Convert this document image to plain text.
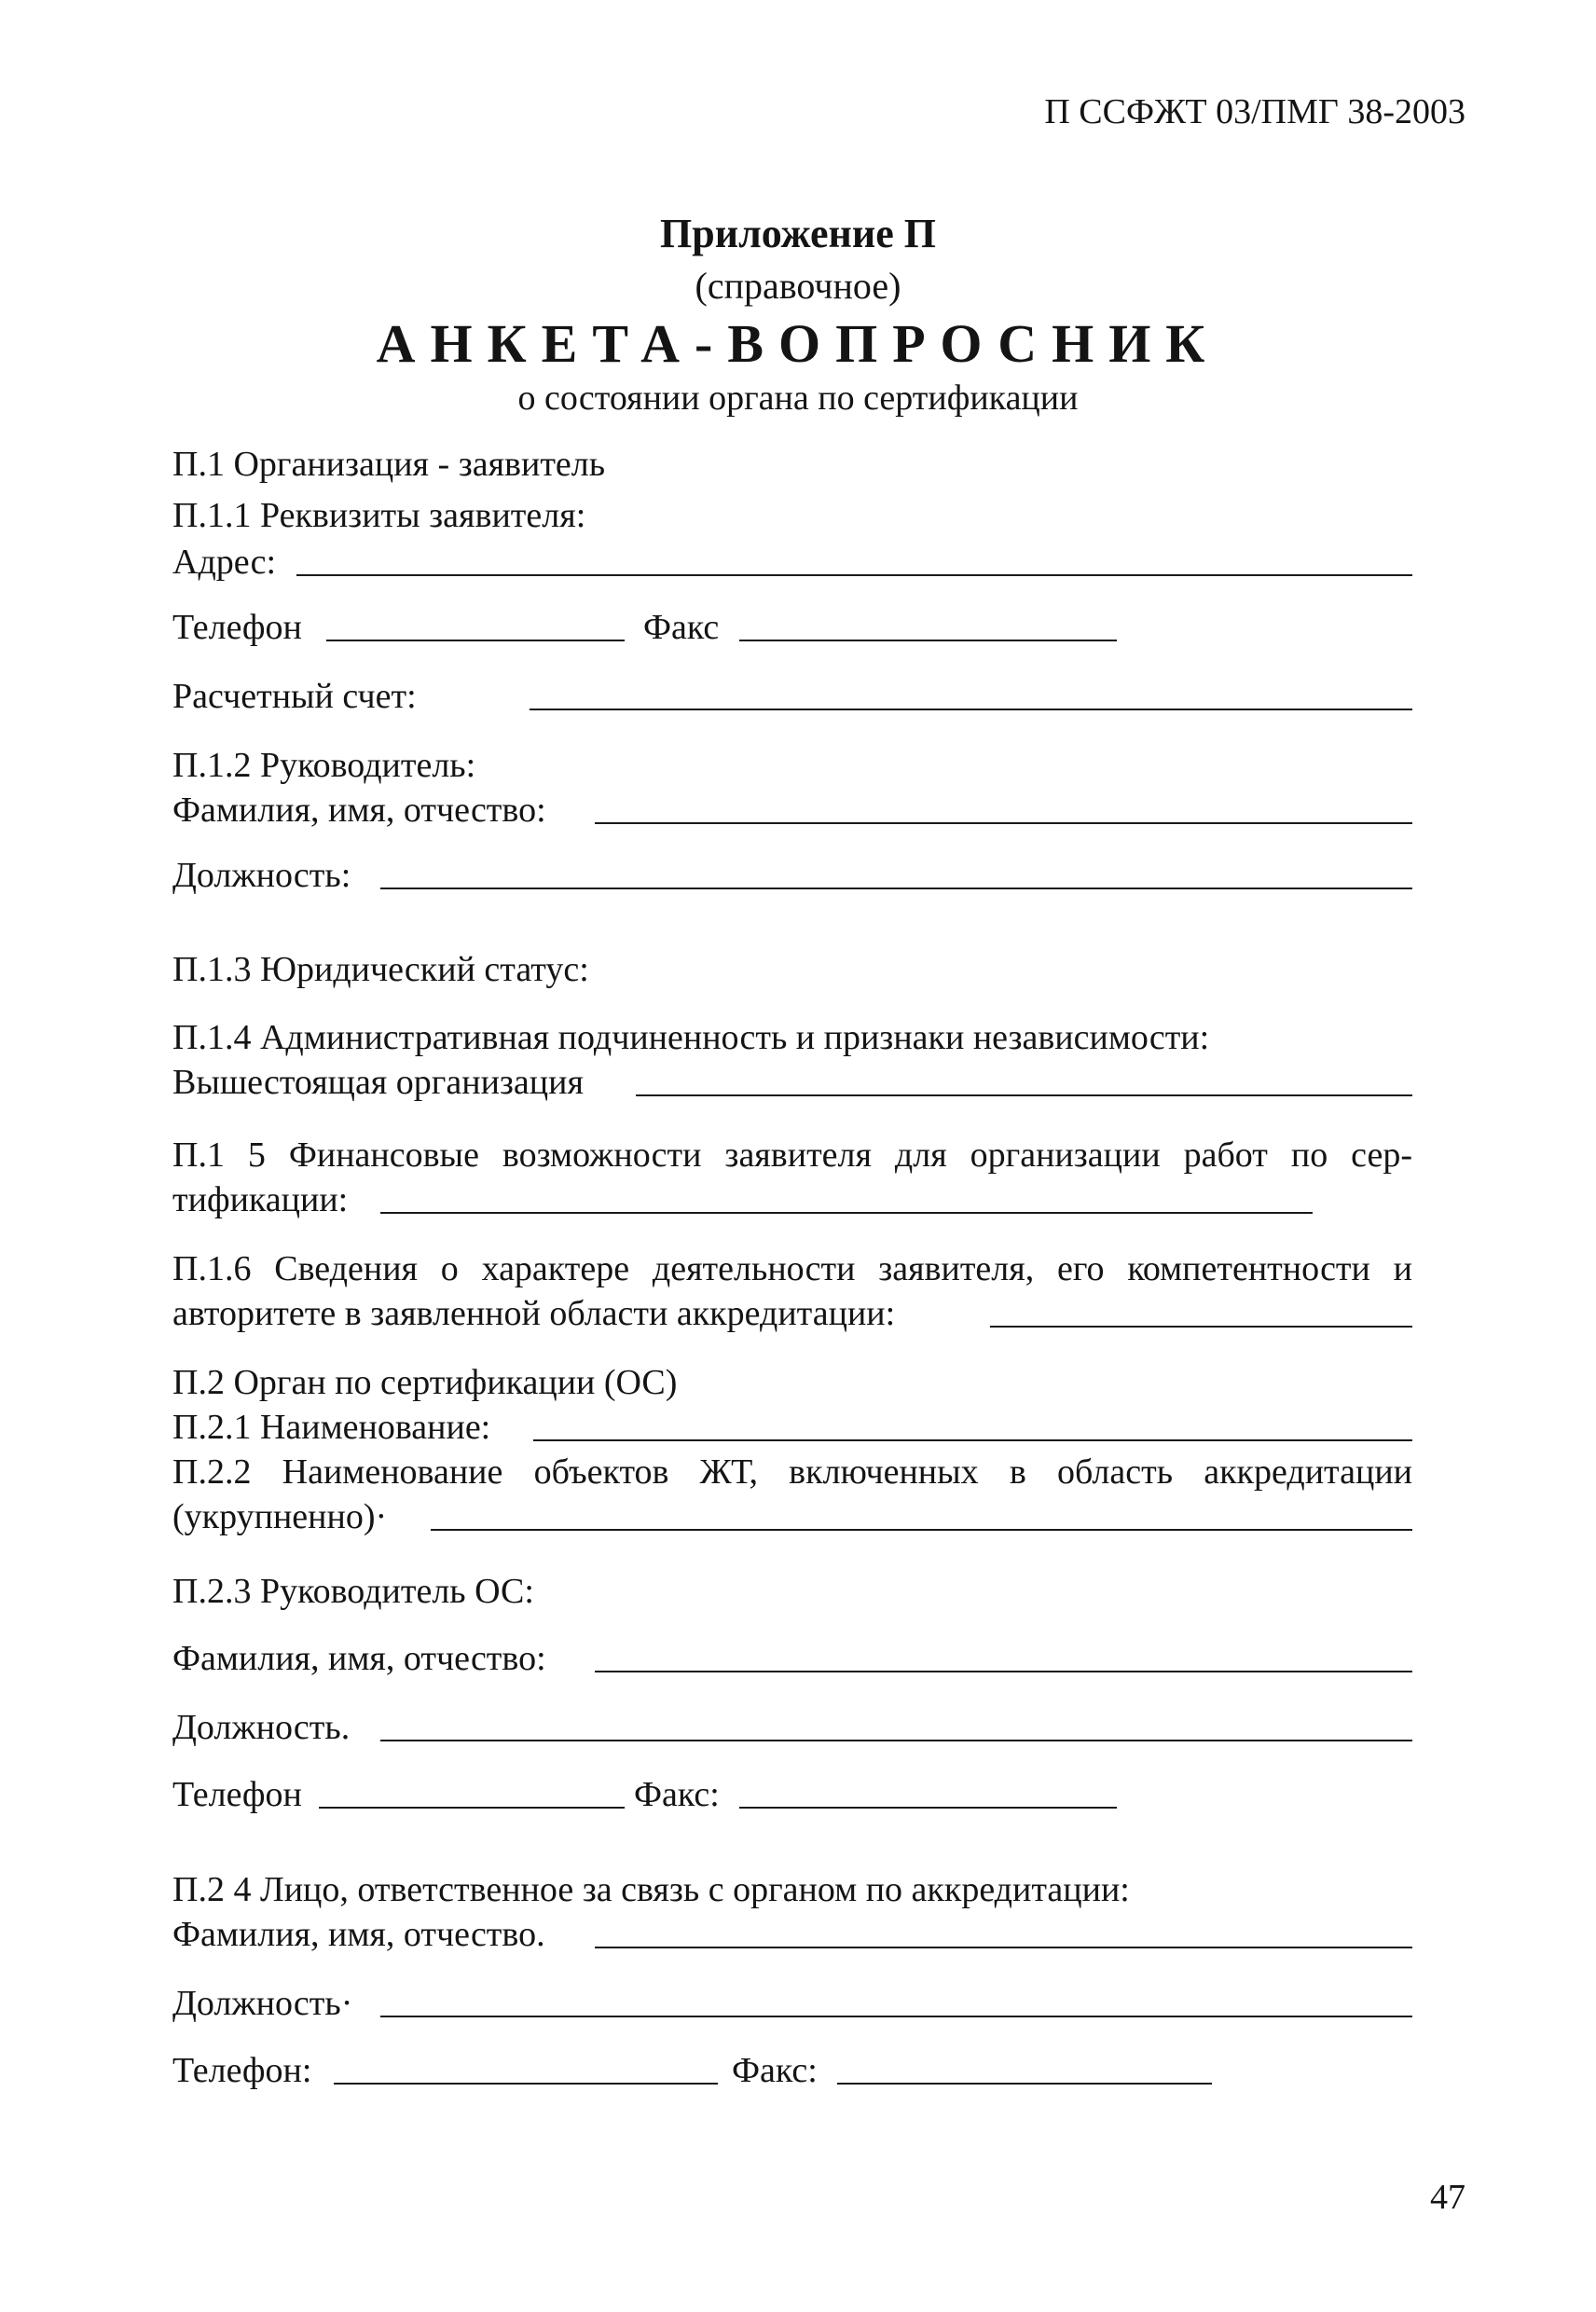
П ССФЖТ 03/ПМГ 38-2003
Приложение П
(справочное)
АНКЕТА-ВОПРОСНИК
о состоянии органа по сертификации
П.1 Организация - заявитель
П.1.1 Реквизиты заявителя:
Адрес:
Телефон	Факс
Расчетный счет:
П.1.2 Руководитель:
Фамилия, имя, отчество:
Должность:
П.1.3 Юридический статус:
П.1.4 Административная подчиненность и признаки независимости:
Вышестоящая организация
П.1 5 Финансовые возможности заявителя для организации работ по сер-
тификации:
П.1.6 Сведения о характере деятельности заявителя, его компетентности и
авторитете в заявленной области аккредитации:
П.2 Орган по сертификации (ОС)
П.2.1 Наименование:
П.2.2 Наименование объектов ЖТ, включенных в область аккредитации
(укрупненно)·
П.2.3 Руководитель ОС:
Фамилия, имя, отчество:
Должность.
Телефон	Факс:
П.2 4 Лицо, ответственное за связь с органом по аккредитации:
Фамилия, имя, отчество.
Должность·
Телефон:	Факс:
47
